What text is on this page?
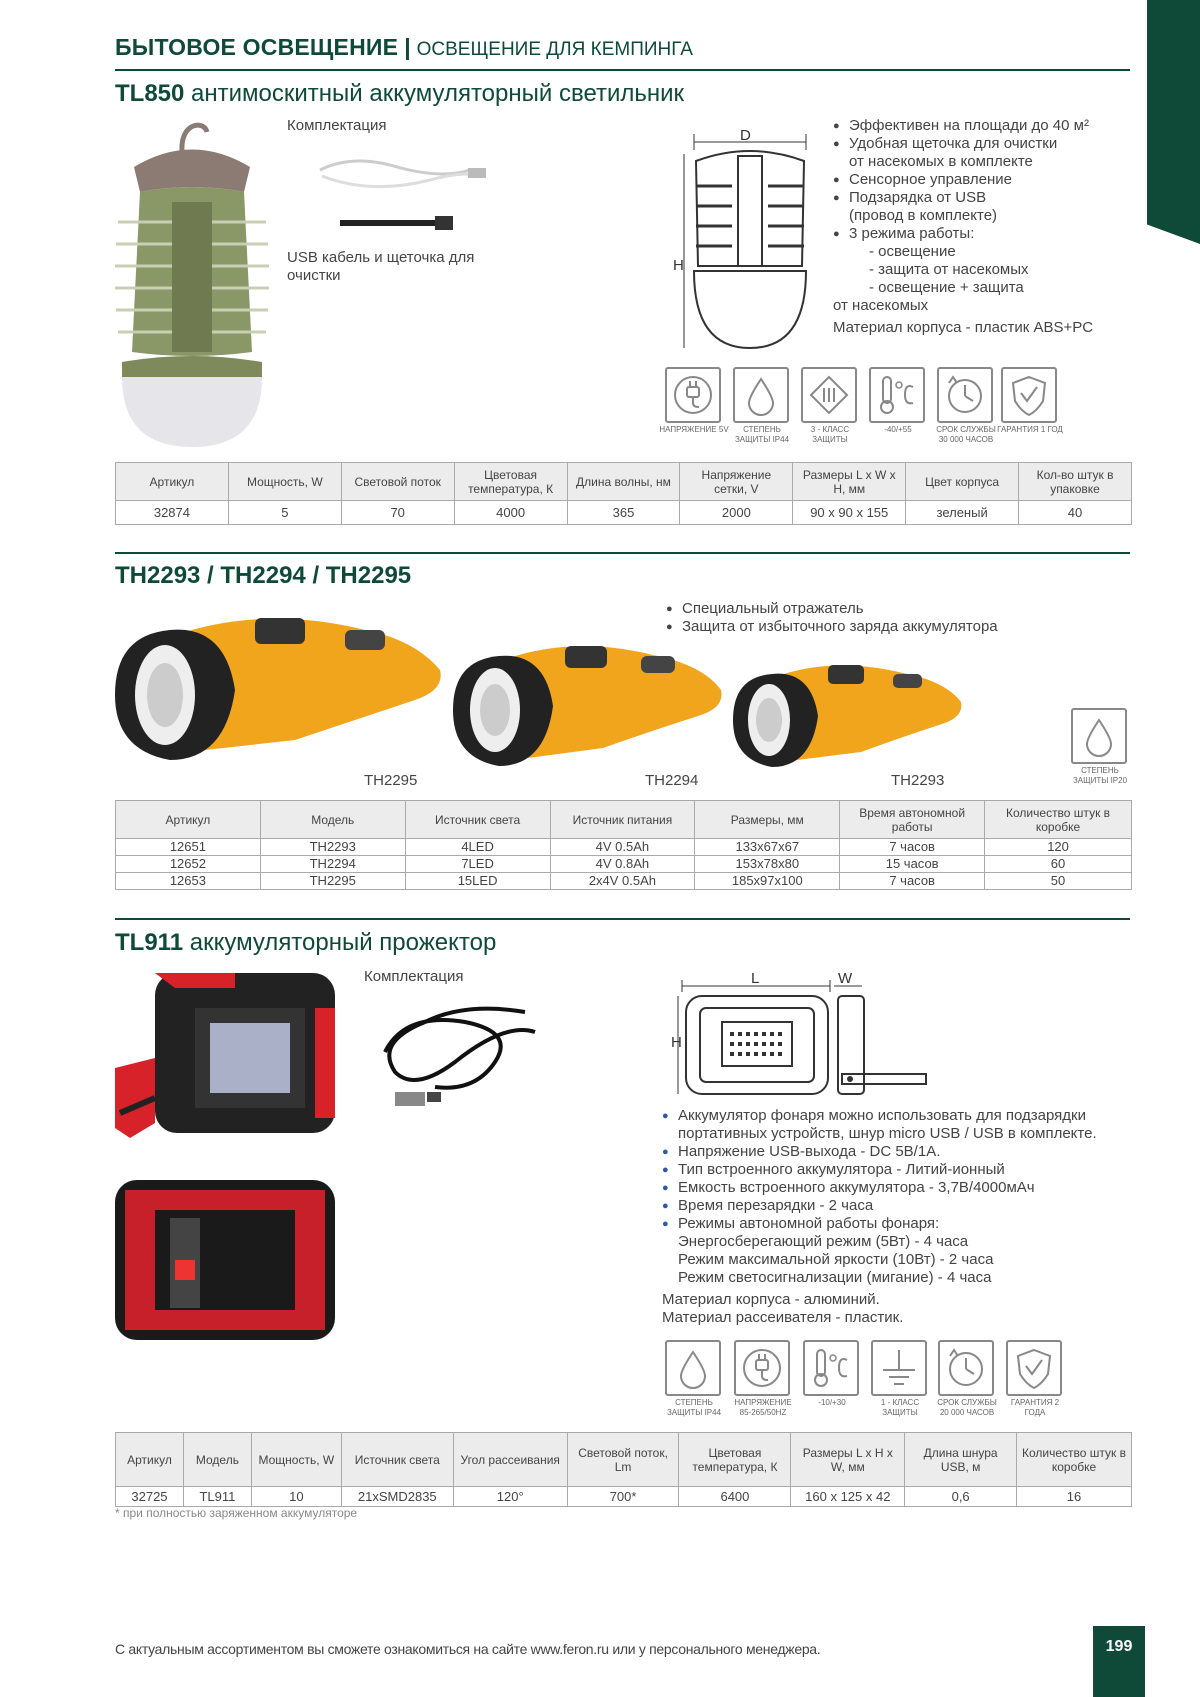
БЫТОВОЕ ОСВЕЩЕНИЕ | ОСВЕЩЕНИЕ ДЛЯ КЕМПИНГА
TL850 антимоскитный аккумуляторный светильник
Комплектация
USB кабель и щеточка для очистки
D
H
● Эффективен на площади до 40 м²
● Удобная щеточка для очистки
от насекомых в комплекте
● Сенсорное управление
● Подзарядка от USB
(провод в комплекте)
● 3 режима работы:
- освещение
- защита от насекомых
- освещение + защита
от насекомых
Материал корпуса - пластик ABS+PC
НАПРЯЖЕНИЕ 5V	СТЕПЕНЬ ЗАЩИТЫ IP44
3 - КЛАСС ЗАЩИТЫ
-40/+55	СРОК СЛУЖБЫ 30 000 ЧАСОВ
ГАРАНТИЯ 1 ГОД
Артикул	Мощность, W	Световой поток	Цветовая температура, К	Длина волны, нм	Напряжение сетки, V	Размеры L x W x H, мм	Цвет корпуса	Кол-во штук в упаковке
32874	5	70	4000	365	2000	90 x 90 x 155	зеленый	40
TH2293 / TH2294 / TH2295
● Специальный отражатель
● Защита от избыточного заряда аккумулятора
TH2295	TH2294	TH2293
СТЕПЕНЬ ЗАЩИТЫ IP20
Артикул	Модель	Источник света	Источник питания	Размеры, мм	Время автономной работы	Количество штук в коробке
12651	TH2293	4LED	4V 0.5Ah	133x67x67	7 часов	120
12652	TH2294	7LED	4V 0.8Ah	153x78x80	15 часов	60
12653	TH2295	15LED	2x4V 0.5Ah	185x97x100	7 часов	50
TL911 аккумуляторный прожектор
Комплектация	L	W
H
● Аккумулятор фонаря можно использовать для подзарядки
портативных устройств, шнур micro USB / USB в комплекте.
● Напряжение USB-выхода - DC 5В/1А.
● Тип встроенного аккумулятора - Литий-ионный
● Емкость встроенного аккумулятора - 3,7В/4000мАч
● Время перезарядки - 2 часа
● Режимы автономной работы фонаря:
Энергосберегающий режим (5Вт) - 4 часа
Режим максимальной яркости (10Вт) - 2 часа
Режим светосигнализации (мигание) - 4 часа
Материал корпуса - алюминий.
Материал рассеивателя - пластик.
СТЕПЕНЬ ЗАЩИТЫ IP44
НАПРЯЖЕНИЕ 85-265/50HZ
-10/+30	1 - КЛАСС ЗАЩИТЫ
СРОК СЛУЖБЫ 20 000 ЧАСОВ
ГАРАНТИЯ 2 ГОДА
Артикул	Модель	Мощность, W	Источник света	Угол рассеивания	Световой поток, Lm	Цветовая температура, К	Размеры L x H x W, мм	Длина шнура USB, м	Количество штук в коробке
32725	TL911	10	21xSMD2835	120°	700*	6400	160 x 125 x 42	0,6	16
* при полностью заряженном аккумуляторе
С актуальным ассортиментом вы сможете ознакомиться на сайте www.feron.ru или у персонального менеджера.	199
